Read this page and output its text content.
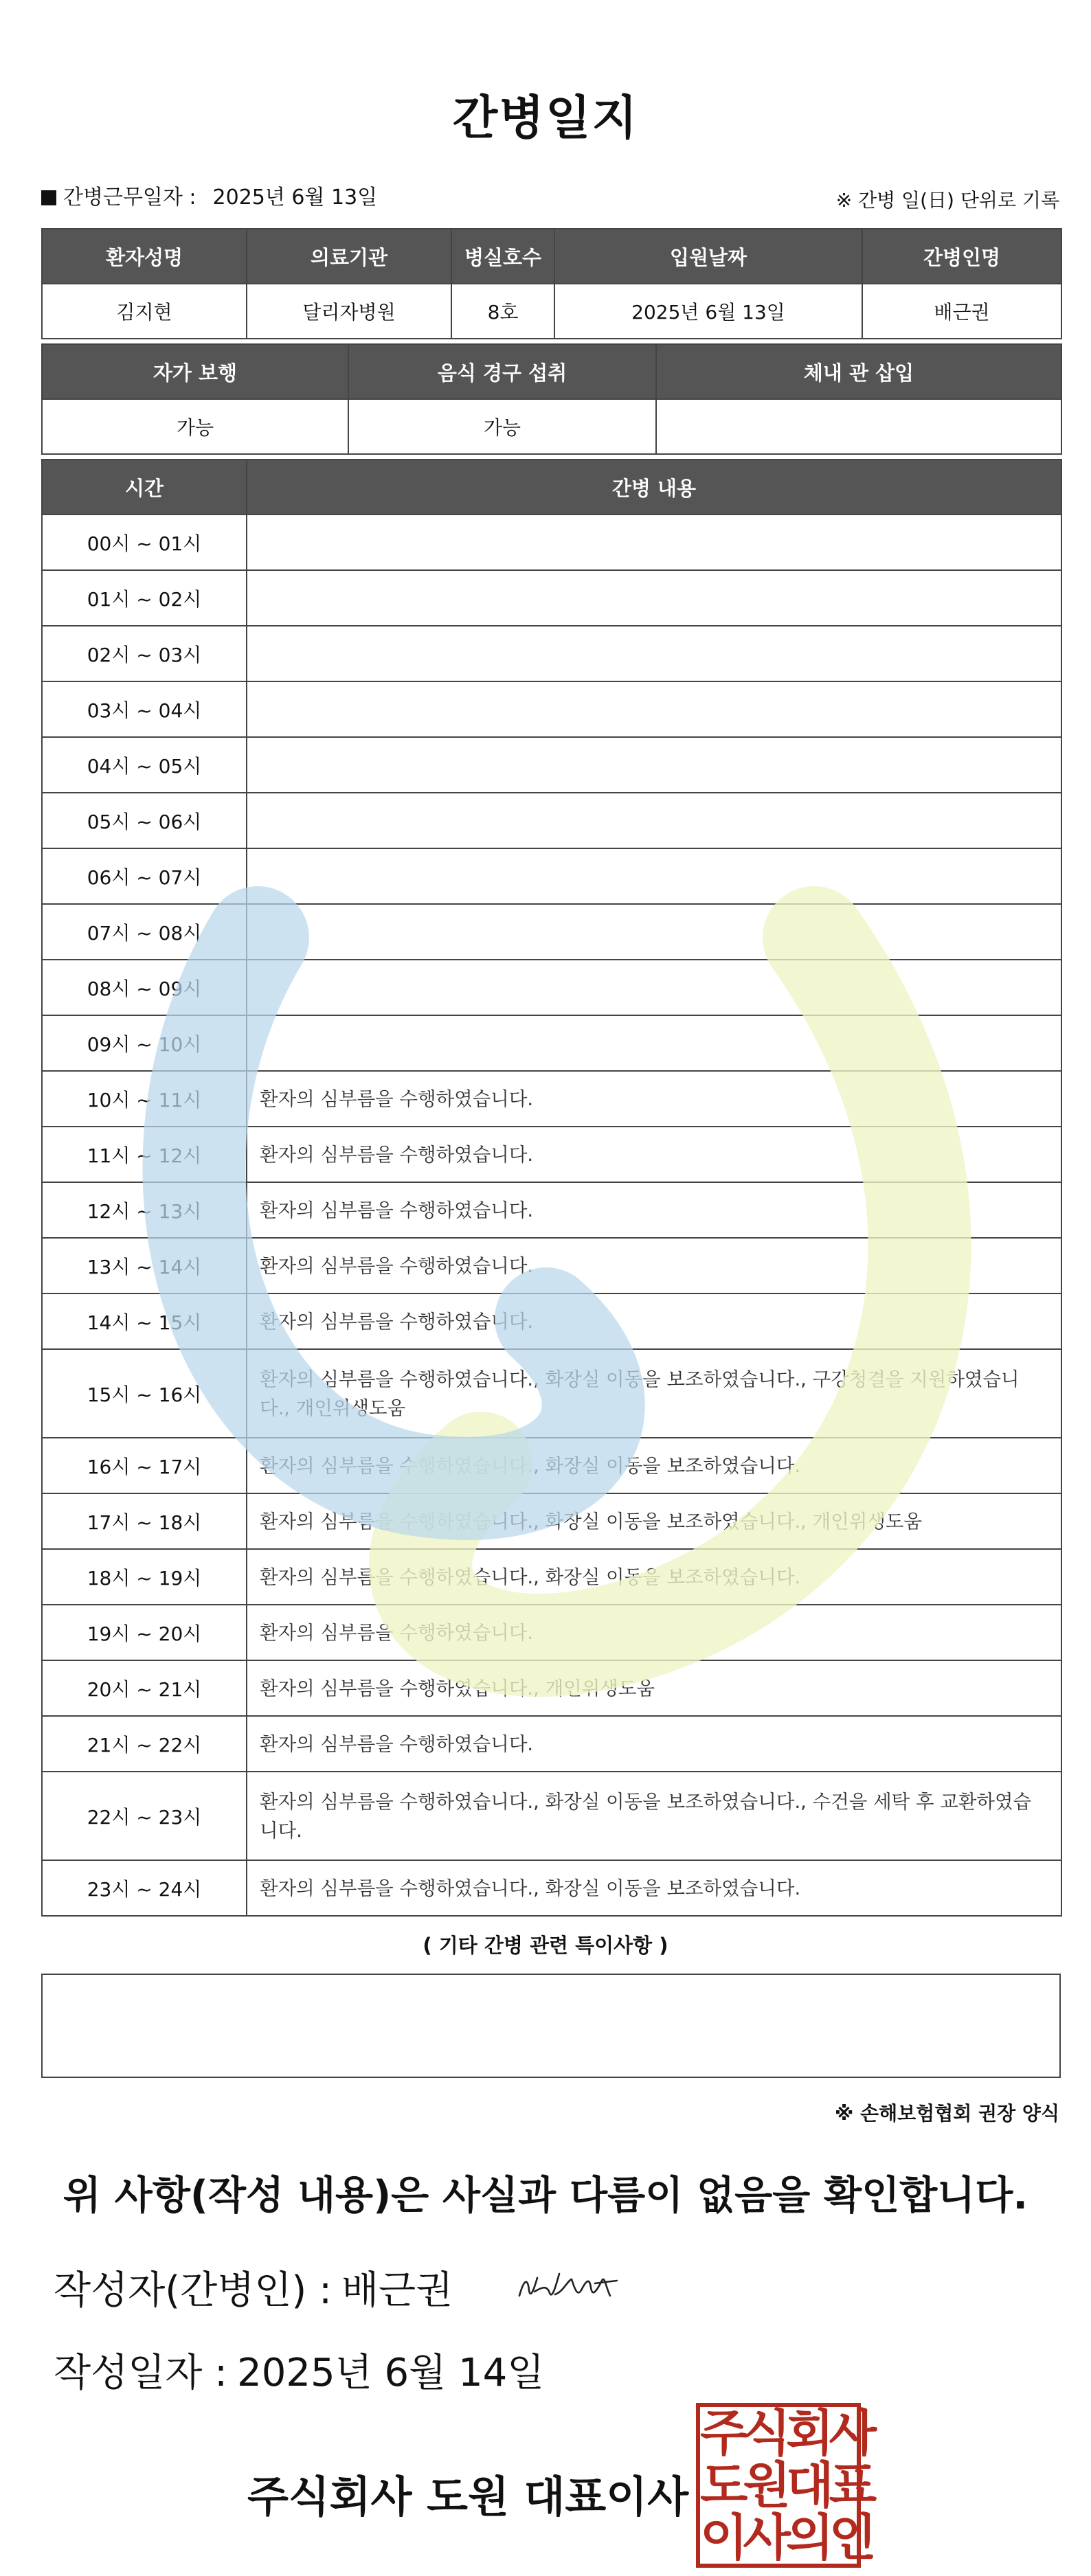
간병일지
간병근무일자 : 2025년 6월 13일	※ 간병 일(日) 단위로 기록
환자성명	의료기관	병실호수	입원날짜	간병인명
김지현	달리자병원	8호	2025년 6월 13일	배근권
자가 보행	음식 경구 섭취	체내 관 삽입
가능	가능	
시간	간병 내용
00시 ~ 01시	
01시 ~ 02시	
02시 ~ 03시	
03시 ~ 04시	
04시 ~ 05시	
05시 ~ 06시	
06시 ~ 07시	
07시 ~ 08시	
08시 ~ 09시	
09시 ~ 10시	
10시 ~ 11시	환자의 심부름을 수행하였습니다.
11시 ~ 12시	환자의 심부름을 수행하였습니다.
12시 ~ 13시	환자의 심부름을 수행하였습니다.
13시 ~ 14시	환자의 심부름을 수행하였습니다.
14시 ~ 15시	환자의 심부름을 수행하였습니다.
15시 ~ 16시	환자의 심부름을 수행하였습니다., 화장실 이동을 보조하였습니다., 구강청결을 지원하였습니다., 개인위생도움
16시 ~ 17시	환자의 심부름을 수행하였습니다., 화장실 이동을 보조하였습니다.
17시 ~ 18시	환자의 심부름을 수행하였습니다., 화장실 이동을 보조하였습니다., 개인위생도움
18시 ~ 19시	환자의 심부름을 수행하였습니다., 화장실 이동을 보조하였습니다.
19시 ~ 20시	환자의 심부름을 수행하였습니다.
20시 ~ 21시	환자의 심부름을 수행하였습니다., 개인위생도움
21시 ~ 22시	환자의 심부름을 수행하였습니다.
22시 ~ 23시	환자의 심부름을 수행하였습니다., 화장실 이동을 보조하였습니다., 수건을 세탁 후 교환하였습니다.
23시 ~ 24시	환자의 심부름을 수행하였습니다., 화장실 이동을 보조하였습니다.
( 기타 간병 관련 특이사항 )
※ 손해보험협회 권장 양식
위 사항(작성 내용)은 사실과 다름이 없음을 확인합니다.
작성자(간병인) : 배근권
작성일자 : 2025년 6월 14일
주식회사 도원 대표이사
주식회사
도원대표
이사의인
